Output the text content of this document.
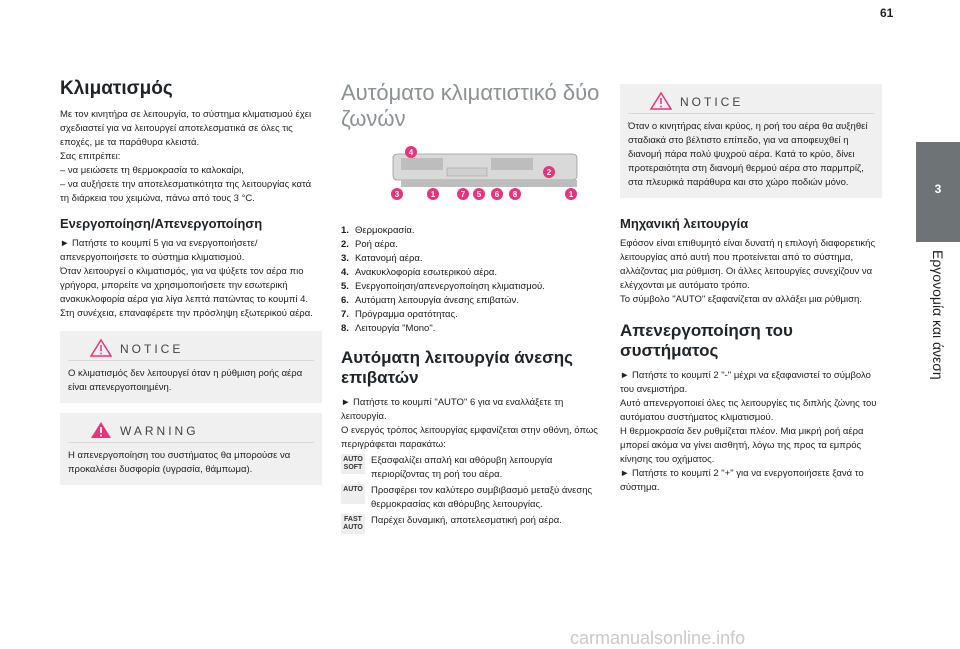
61
3
Εργονομία και άνεση
Κλιματισμός
Με τον κινητήρα σε λειτουργία, το σύστημα κλιματισμού έχει σχεδιαστεί για να λειτουργεί αποτελεσματικά σε όλες τις εποχές, με τα παράθυρα κλειστά.
Σας επιτρέπει:
– να μειώσετε τη θερμοκρασία το καλοκαίρι,
– να αυξήσετε την αποτελεσματικότητα της λειτουργίας κατά τη διάρκεια του χειμώνα, πάνω από τους 3 °C.
Ενεργοποίηση/Απενεργοποίηση
► Πατήστε το κουμπί 5 για να ενεργοποιήσετε/απενεργοποιήσετε το σύστημα κλιματισμού.
Όταν λειτουργεί ο κλιματισμός, για να ψύξετε τον αέρα πιο γρήγορα, μπορείτε να χρησιμοποιήσετε την εσωτερική ανακυκλοφορία αέρα για λίγα λεπτά πατώντας το κουμπί 4. Στη συνέχεια, επαναφέρετε την πρόσληψη εξωτερικού αέρα.
NOTICE
Ο κλιματισμός δεν λειτουργεί όταν η ρύθμιση ροής αέρα είναι απενεργοποιημένη.
WARNING
Η απενεργοποίηση του συστήματος θα μπορούσε να προκαλέσει δυσφορία (υγρασία, θάμπωμα).
Αυτόματο κλιματιστικό δύο ζωνών
4
2
3	1	7 5 6 8	1
1. Θερμοκρασία.
2. Ροή αέρα.
3. Κατανομή αέρα.
4. Ανακυκλοφορία εσωτερικού αέρα.
5. Ενεργοποίηση/απενεργοποίηση κλιματισμού.
6. Αυτόματη λειτουργία άνεσης επιβατών.
7. Πρόγραμμα ορατότητας.
8. Λειτουργία "Mono".
Αυτόματη λειτουργία άνεσης επιβατών
► Πατήστε το κουμπί "AUTO" 6 για να εναλλάξετε τη λειτουργία.
Ο ενεργός τρόπος λειτουργίας εμφανίζεται στην οθόνη, όπως περιγράφεται παρακάτω:
AUTO SOFT
Εξασφαλίζει απαλή και αθόρυβη λειτουργία περιορίζοντας τη ροή του αέρα.
AUTO Προσφέρει τον καλύτερο συμβιβασμό μεταξύ άνεσης θερμοκρασίας και αθόρυβης λειτουργίας.
FAST AUTO
Παρέχει δυναμική, αποτελεσματική ροή αέρα.
NOTICE
Όταν ο κινητήρας είναι κρύος, η ροή του αέρα θα αυξηθεί σταδιακά στο βέλτιστο επίπεδο, για να αποφευχθεί η διανομή πάρα πολύ ψυχρού αέρα. Κατά το κρύο, δίνει προτεραιότητα στη διανομή θερμού αέρα στο παρμπρίζ, στα πλευρικά παράθυρα και στο χώρο ποδιών μόνο.
Μηχανική λειτουργία
Εφόσον είναι επιθυμητό είναι δυνατή η επιλογή διαφορετικής λειτουργίας από αυτή που προτείνεται από το σύστημα, αλλάζοντας μια ρύθμιση. Οι άλλες λειτουργίες συνεχίζουν να ελέγχονται με αυτόματο τρόπο.
Το σύμβολο "AUTO" εξαφανίζεται αν αλλάξει μια ρύθμιση.
Απενεργοποίηση του συστήματος
► Πατήστε το κουμπί 2 "-" μέχρι να εξαφανιστεί το σύμβολο του ανεμιστήρα.
Αυτό απενεργοποιεί όλες τις λειτουργίες τις διπλής ζώνης του αυτόματου συστήματος κλιματισμού.
Η θερμοκρασία δεν ρυθμίζεται πλέον. Μια μικρή ροή αέρα μπορεί ακόμα να γίνει αισθητή, λόγω της προς τα εμπρός κίνησης του οχήματος.
► Πατήστε το κουμπί 2 "+" για να ενεργοποιήσετε ξανά το σύστημα.
carmanualsonline.info
